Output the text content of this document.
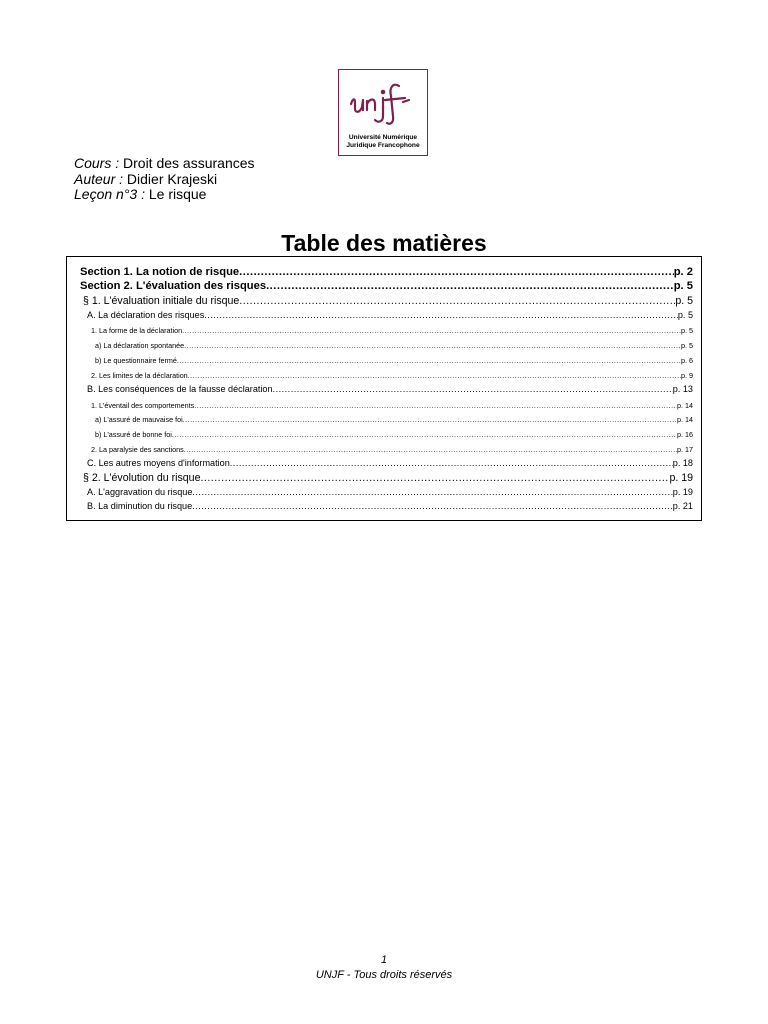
Université Numérique
Juridique Francophone
Cours : Droit des assurances
Auteur : Didier Krajeski
Leçon n°3 : Le risque
Table des matières
Section 1. La notion de risque .....	p. 2
Section 2. L'évaluation des risques .....	p. 5
§ 1. L'évaluation initiale du risque .....	p. 5
A. La déclaration des risques .....	p. 5
1. La forme de la déclaration .....	p. 5
a) La déclaration spontanée .....	p. 5
b) Le questionnaire fermé .....	p. 6
2. Les limites de la déclaration .....	p. 9
B. Les conséquences de la fausse déclaration .....	p. 13
1. L'éventail des comportements .....	p. 14
a) L'assuré de mauvaise foi .....	p. 14
b) L'assuré de bonne foi .....	p. 16
2. La paralysie des sanctions .....	p. 17
C. Les autres moyens d'information .....	p. 18
§ 2. L'évolution du risque .....	p. 19
A. L'aggravation du risque .....	p. 19
B. La diminution du risque .....	p. 21
1
UNJF - Tous droits réservés
